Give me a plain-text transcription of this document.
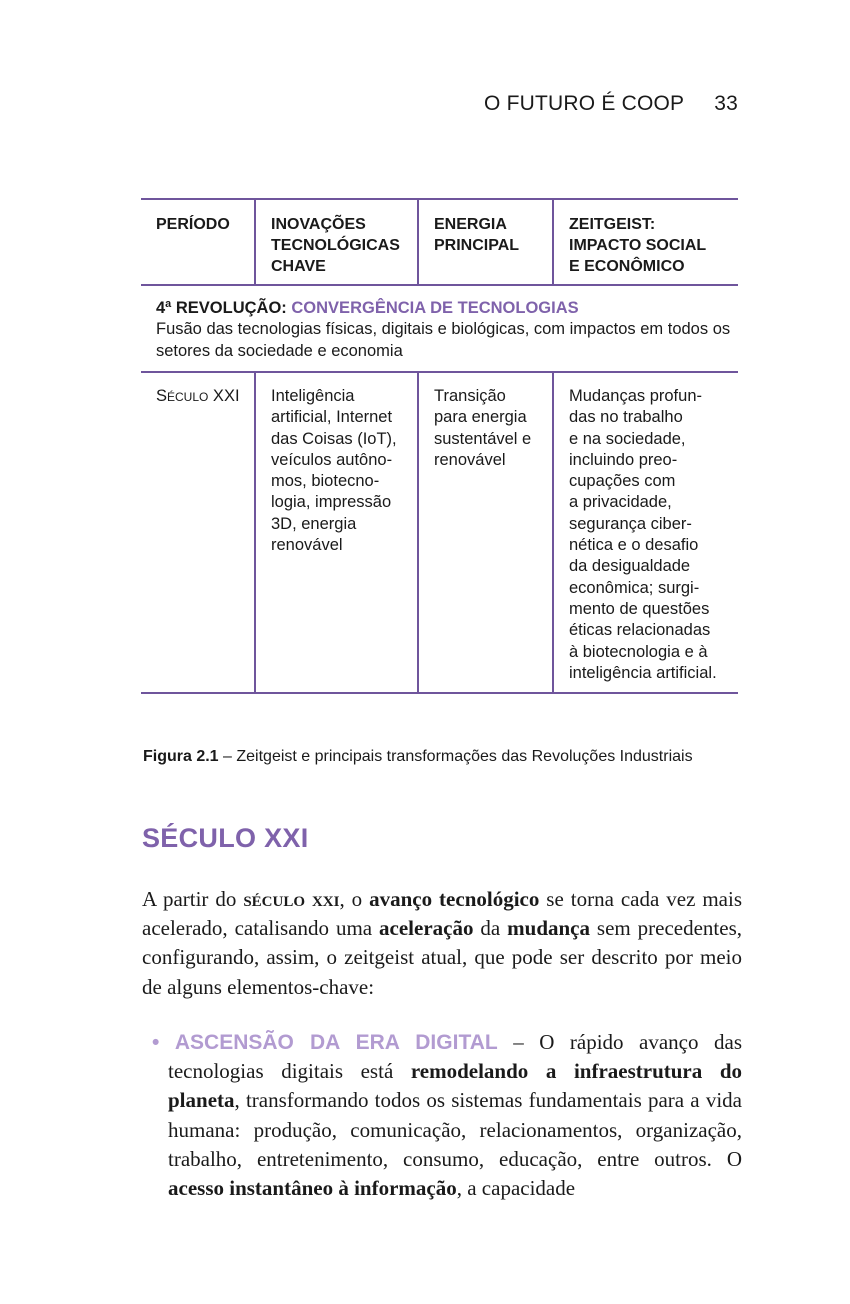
O FUTURO É COOP 33
PERÍODO	INOVAÇÕES
TECNOLÓGICAS
CHAVE
ENERGIA
PRINCIPAL
ZEITGEIST:
IMPACTO SOCIAL
E ECONÔMICO
4ª REVOLUÇÃO: CONVERGÊNCIA DE TECNOLOGIAS
Fusão das tecnologias físicas, digitais e biológicas, com impactos em todos os setores da sociedade e economia
Século XXI	Inteligência
artificial, Internet
das Coisas (IoT),
veículos autôno-
mos, biotecno-
logia, impressão
3D, energia
renovável
Transição
para energia
sustentável e
renovável
Mudanças profun-
das no trabalho
e na sociedade,
incluindo preo-
cupações com
a privacidade,
segurança ciber-
nética e o desafio
da desigualdade
econômica; surgi-
mento de questões
éticas relacionadas
à biotecnologia e à
inteligência artificial.
Figura 2.1 – Zeitgeist e principais transformações das Revoluções Industriais
SÉCULO XXI
A partir do século xxi, o avanço tecnológico se torna cada vez mais acelerado, catalisando uma aceleração da mudança sem precedentes, configurando, assim, o zeitgeist atual, que pode ser descrito por meio de alguns elementos-chave:
• ASCENSÃO DA ERA DIGITAL – O rápido avanço das tecnologias digitais está remodelando a infraestrutura do planeta, transformando todos os sistemas fundamentais para a vida humana: produção, comunicação, relacionamentos, organização, trabalho, entretenimento, consumo, educação, entre outros. O acesso instantâneo à informação, a capacidade
